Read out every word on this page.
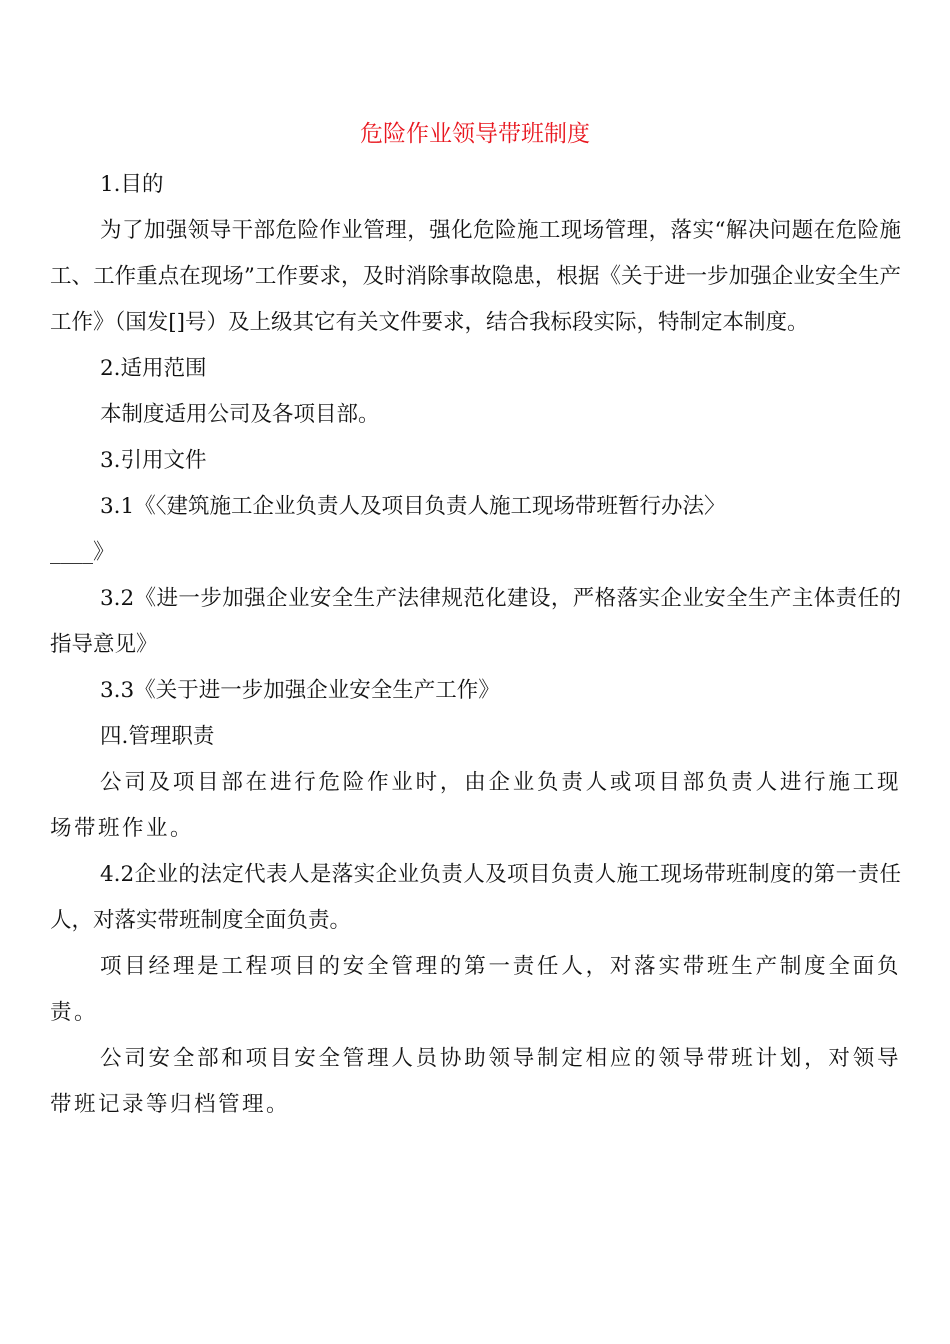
危险作业领导带班制度

1.目的

为了加强领导干部危险作业管理，强化危险施工现场管理，落实“解决问题在危险施工、工作重点在现场”工作要求，及时消除事故隐患，根据《关于进一步加强企业安全生产工作》（国发[]号）及上级其它有关文件要求，结合我标段实际，特制定本制度。

2.适用范围

本制度适用公司及各项目部。

3.引用文件

3.1《〈建筑施工企业负责人及项目负责人施工现场带班暂行办法〉

____》

3.2《进一步加强企业安全生产法律规范化建设，严格落实企业安全生产主体责任的指导意见》

3.3《关于进一步加强企业安全生产工作》

四.管理职责

公司及项目部在进行危险作业时，由企业负责人或项目部负责人进行施工现场带班作业。

4.2企业的法定代表人是落实企业负责人及项目负责人施工现场带班制度的第一责任人，对落实带班制度全面负责。

项目经理是工程项目的安全管理的第一责任人，对落实带班生产制度全面负责。

公司安全部和项目安全管理人员协助领导制定相应的领导带班计划，对领导带班记录等归档管理。
